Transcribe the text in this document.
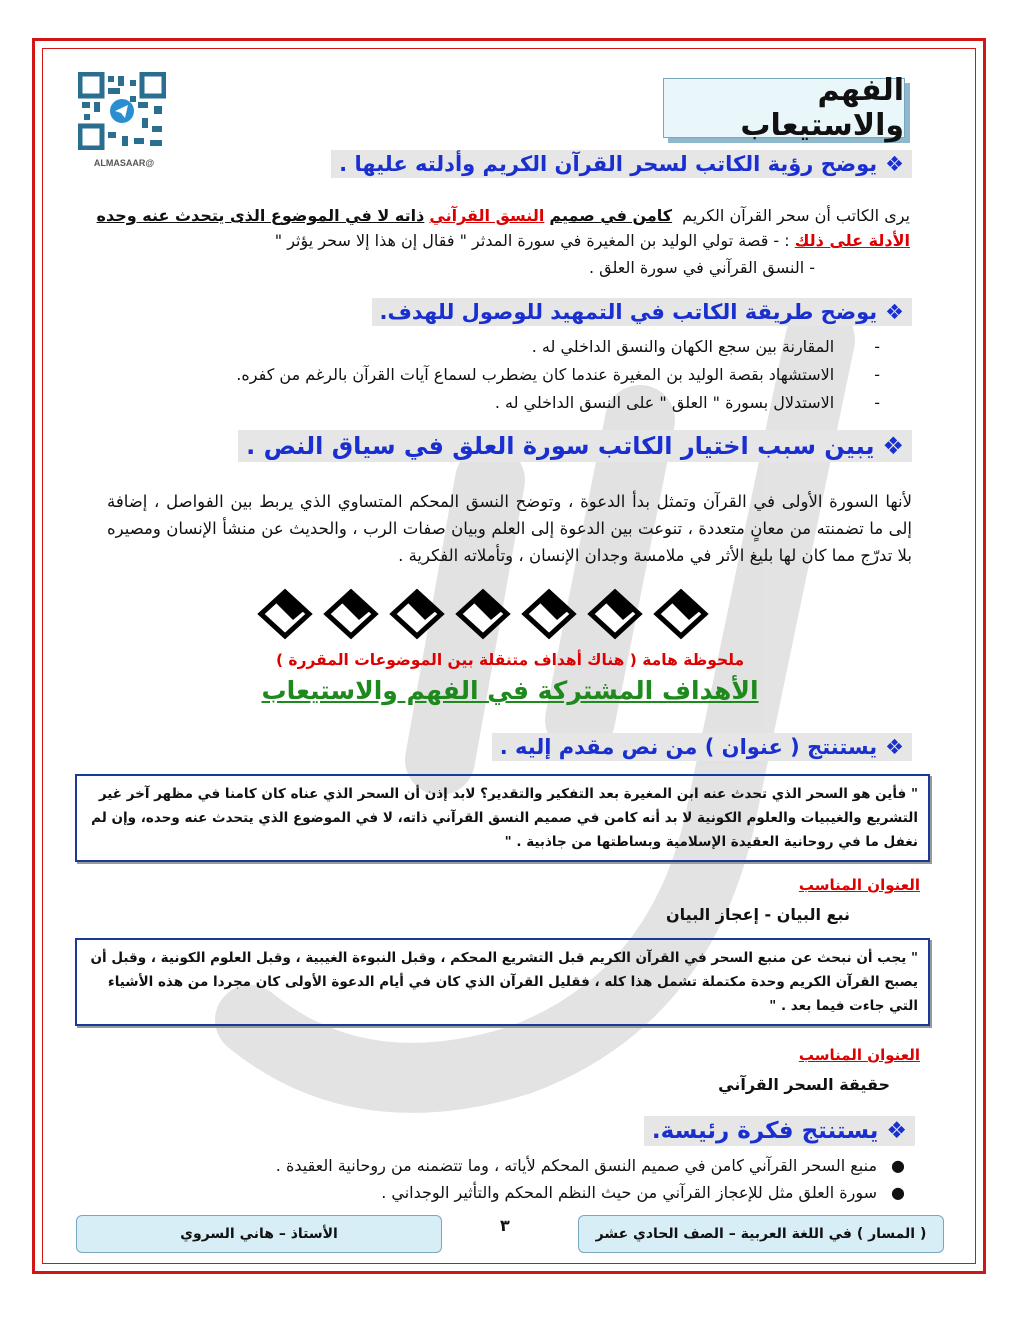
الفهم والاستيعاب
@ALMASAAR	❖يوضح رؤية الكاتب لسحر القرآن الكريم وأدلته عليها .
يرى الكاتب أن سحر القرآن الكريم  كامن في صميم النسق القرآني ذاته لا في الموضوع الذى يتحدث عنه وحده
الأدلة على ذلك : - قصة تولي الوليد بن المغيرة في سورة المدثر " فقال إن هذا إلا سحر يؤثر "
- النسق القرآني في سورة العلق .
❖يوضح طريقة الكاتب في التمهيد للوصول للهدف.
-المقارنة بين سجع الكهان والنسق الداخلي له .
-الاستشهاد بقصة الوليد بن المغيرة عندما كان يضطرب لسماع آيات القرآن بالرغم من كفره.
-الاستدلال بسورة " العلق " على النسق الداخلي له .
❖يبين سبب اختيار الكاتب سورة العلق في سياق النص .
لأنها السورة الأولى في القرآن وتمثل بدأ الدعوة ، وتوضح النسق المحكم المتساوي الذي يربط بين الفواصل ، إضافة إلى ما تضمنته من معانٍ متعددة ، تنوعت بين الدعوة إلى العلم وبيان صفات الرب ، والحديث عن منشأ الإنسان ومصيره بلا تدرّج مما كان لها بليغ الأثر في ملامسة وجدان الإنسان ، وتأملاته الفكرية .
ملحوظة هامة ( هناك أهداف متنقلة بين الموضوعات المقررة )
الأهداف المشتركة في الفهم والاستيعاب
❖يستنتج ( عنوان ) من نص مقدم إليه .
" فأين هو السحر الذي تحدث عنه ابن المغيرة بعد التفكير والتقدير؟ لابد إذن أن السحر الذي عناه كان كامنا في مظهر آخر غير التشريع والغيبيات والعلوم الكونية لا بد أنه كامن في صميم النسق القرآني ذاته، لا في الموضوع الذي يتحدث عنه وحده، وإن لم نغفل ما في روحانية العقيدة الإسلامية وبساطتها من جاذبية . "
العنوان المناسب
نبع البيان - إعجاز البيان
" يجب أن نبحث عن منبع السحر في القرآن الكريم قبل التشريع المحكم ، وقبل النبوءة الغيبية ، وقبل العلوم الكونية ، وقبل أن يصبح القرآن الكريم وحدة مكتملة تشمل هذا كله ، فقليل القرآن الذي كان في أيام الدعوة الأولى كان مجردا من هذه الأشياء التي جاءت فيما بعد . "
العنوان المناسب
حقيقة السحر القرآني
❖يستنتج فكرة رئيسة.
●منبع السحر القرآني كامن في صميم النسق المحكم لأياته ، وما تتضمنه من روحانية العقيدة .
●سورة العلق مثل للإعجاز القرآني من حيث النظم المحكم والتأثير الوجداني .
( المسار ) في اللغة العربية – الصف الحادي عشر
الأستاذ – هاني السروي	٣
